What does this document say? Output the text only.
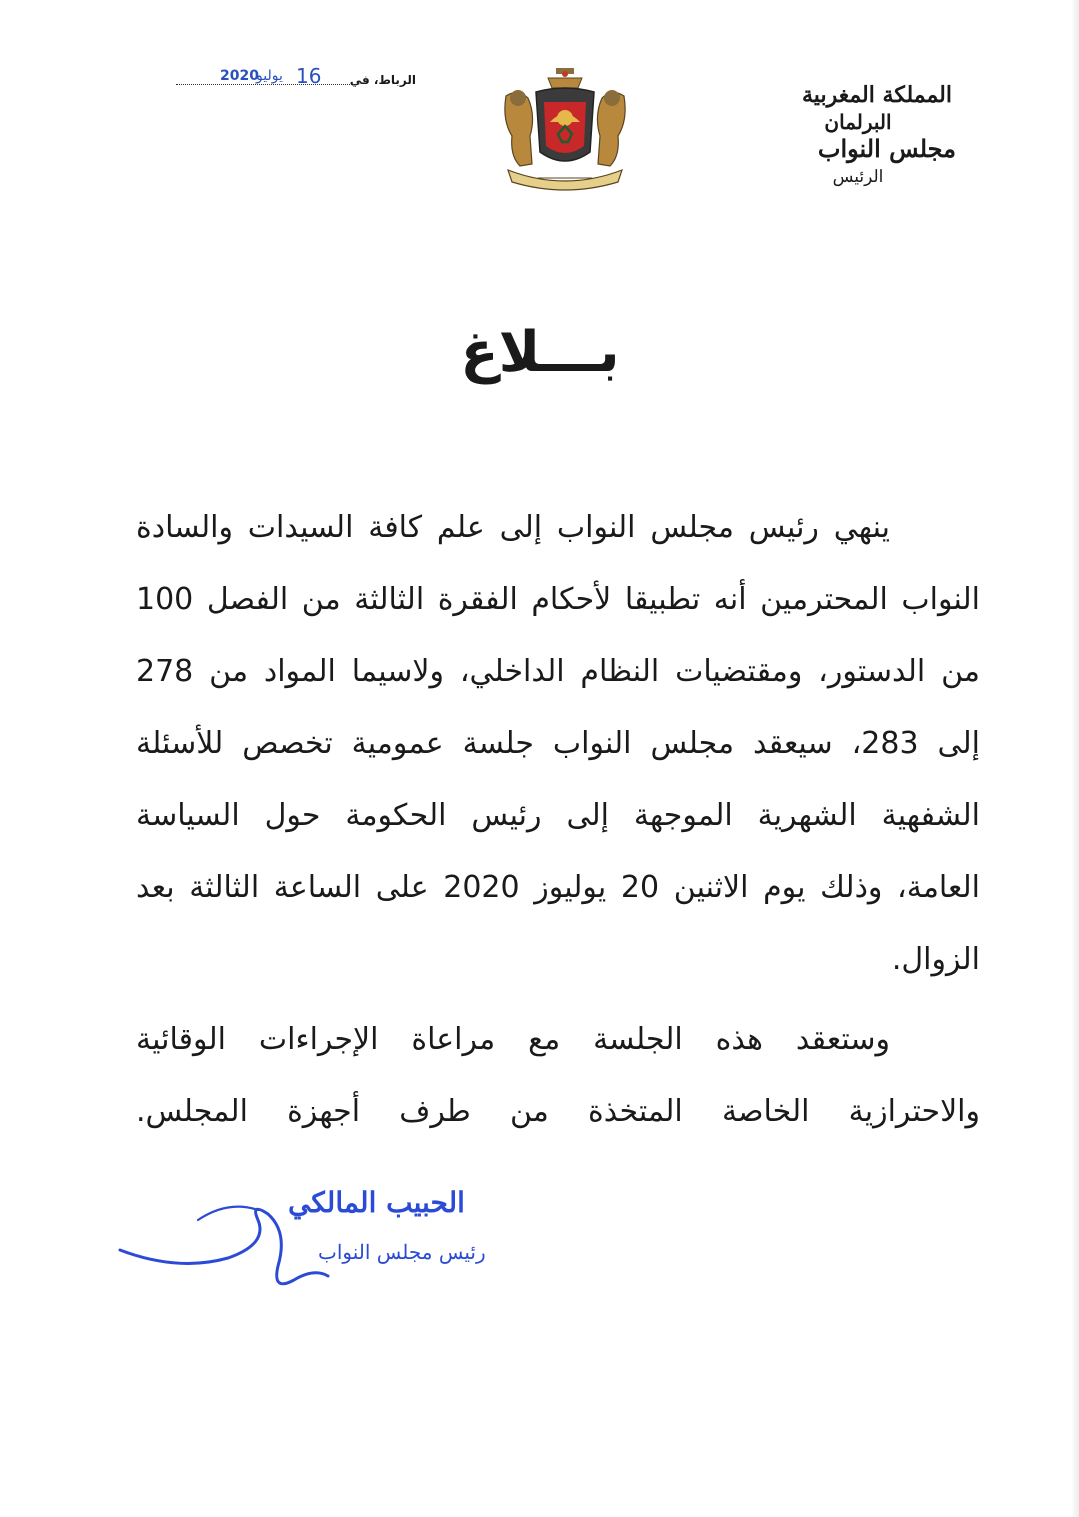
الرباط، في
16
يوليو
2020
المملكة المغربية
البرلمان
مجلس النواب
الرئيس
بـــلاغ
ينهي رئيس مجلس النواب إلى علم كافة السيدات والسادة
النواب المحترمين أنه تطبيقا لأحكام الفقرة الثالثة من الفصل 100
من الدستور، ومقتضيات النظام الداخلي، ولاسيما المواد من 278
إلى 283، سيعقد مجلس النواب جلسة عمومية تخصص للأسئلة
الشفهية الشهرية الموجهة إلى رئيس الحكومة حول السياسة
العامة، وذلك يوم الاثنين 20 يوليوز 2020 على الساعة الثالثة بعد
الزوال.
وستعقد هذه الجلسة مع مراعاة الإجراءات الوقائية
والاحترازية الخاصة المتخذة من طرف أجهزة المجلس.
الحبيب المالكي
رئيس مجلس النواب
